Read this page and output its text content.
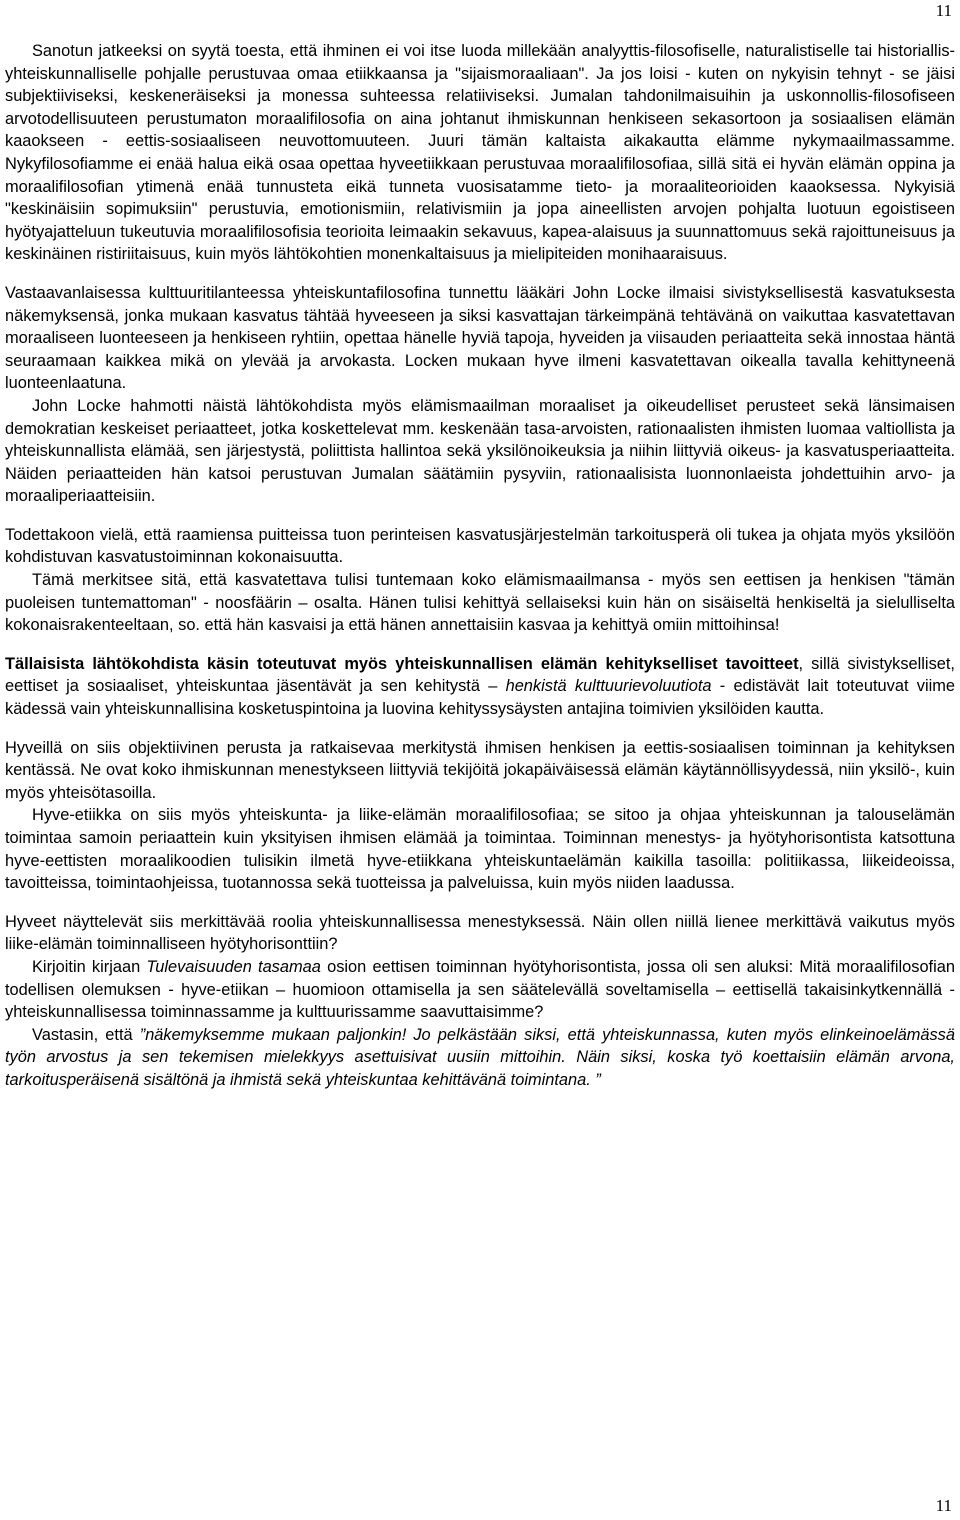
11

Sanotun jatkeeksi on syytä toesta, että ihminen ei voi itse luoda millekään analyyttis-filosofiselle, naturalistiselle tai historiallis-yhteiskunnalliselle pohjalle perustuvaa omaa etiikkaansa ja "sijaismoraaliaan". Ja jos loisi - kuten on nykyisin tehnyt - se jäisi subjektiiviseksi, keskeneräiseksi ja monessa suhteessa relatiiviseksi. Jumalan tahdonilmaisuihin ja uskonnollis-filosofiseen arvotodellisuuteen perustumaton moraalifilosofia on aina johtanut ihmiskunnan henkiseen sekasortoon ja sosiaalisen elämän kaaokseen - eettis-sosiaaliseen neuvottomuuteen. Juuri tämän kaltaista aikakautta elämme nykymaailmassamme. Nykyfilosofiamme ei enää halua eikä osaa opettaa hyveetiikkaan perustuvaa moraalifilosofiaa, sillä sitä ei hyvän elämän oppina ja moraalifilosofian ytimenä enää tunnusteta eikä tunneta vuosisatamme tieto- ja moraaliteorioiden kaaoksessa. Nykyisiä "keskinäisiin sopimuksiin" perustuvia, emotionismiin, relativismiin ja jopa aineellisten arvojen pohjalta luotuun egoistiseen hyötyajatteluun tukeutuvia moraalifilosofisia teorioita leimaakin sekavuus, kapea-alaisuus ja suunnattomuus sekä rajoittuneisuus ja keskinäinen ristiriitaisuus, kuin myös lähtökohtien monenkaltaisuus ja mielipiteiden monihaaraisuus.

Vastaavanlaisessa kulttuuritilanteessa yhteiskuntafilosofina tunnettu lääkäri John Locke ilmaisi sivistyksellisestä kasvatuksesta näkemyksensä, jonka mukaan kasvatus tähtää hyveeseen ja siksi kasvattajan tärkeimpänä tehtävänä on vaikuttaa kasvatettavan moraaliseen luonteeseen ja henkiseen ryhtiin, opettaa hänelle hyviä tapoja, hyveiden ja viisauden periaatteita sekä innostaa häntä seuraamaan kaikkea mikä on ylevää ja arvokasta. Locken mukaan hyve ilmeni kasvatettavan oikealla tavalla kehittyneenä luonteenlaatuna.

John Locke hahmotti näistä lähtökohdista myös elämismaailman moraaliset ja oikeudelliset perusteet sekä länsimaisen demokratian keskeiset periaatteet, jotka koskettelevat mm. keskenään tasa-arvoisten, rationaalisten ihmisten luomaa valtiollista ja yhteiskunnallista elämää, sen järjestystä, poliittista hallintoa sekä yksilönoikeuksia ja niihin liittyviä oikeus- ja kasvatusperiaatteita. Näiden periaatteiden hän katsoi perustuvan Jumalan säätämiin pysyviin, rationaalisista luonnonlaeista johdettuihin arvo- ja moraaliperiaatteisiin.

Todettakoon vielä, että raamiensa puitteissa tuon perinteisen kasvatusjärjestelmän tarkoitusperä oli tukea ja ohjata myös yksilöön kohdistuvan kasvatustoiminnan kokonaisuutta.

Tämä merkitsee sitä, että kasvatettava tulisi tuntemaan koko elämismaailmansa - myös sen eettisen ja henkisen "tämän puoleisen tuntemattoman" - noosfäärin – osalta. Hänen tulisi kehittyä sellaiseksi kuin hän on sisäiseltä henkiseltä ja sielulliselta kokonaisrakenteeltaan, so. että hän kasvaisi ja että hänen annettaisiin kasvaa ja kehittyä omiin mittoihinsa!

Tällaisista lähtökohdista käsin toteutuvat myös yhteiskunnallisen elämän kehitykselliset tavoitteet, sillä sivistykselliset, eettiset ja sosiaaliset, yhteiskuntaa jäsentävät ja sen kehitystä – henkistä kulttuurievoluutiota - edistävät lait toteutuvat viime kädessä vain yhteiskunnallisina kosketuspintoina ja luovina kehityssysäysten antajina toimivien yksilöiden kautta.

Hyveillä on siis objektiivinen perusta ja ratkaisevaa merkitystä ihmisen henkisen ja eettis-sosiaalisen toiminnan ja kehityksen kentässä. Ne ovat koko ihmiskunnan menestykseen liittyviä tekijöitä jokapäiväisessä elämän käytännöllisyydessä, niin yksilö-, kuin myös yhteisötasoilla.

Hyve-etiikka on siis myös yhteiskunta- ja liike-elämän moraalifilosofiaa; se sitoo ja ohjaa yhteiskunnan ja talouselämän toimintaa samoin periaattein kuin yksityisen ihmisen elämää ja toimintaa. Toiminnan menestys- ja hyötyhorisontista katsottuna hyve-eettisten moraalikoodien tulisikin ilmetä hyve-etiikkana yhteiskuntaelämän kaikilla tasoilla: politiikassa, liikeideoissa, tavoitteissa, toimintaohjeissa, tuotannossa sekä tuotteissa ja palveluissa, kuin myös niiden laadussa.

Hyveet näyttelevät siis merkittävää roolia yhteiskunnallisessa menestyksessä. Näin ollen niillä lienee merkittävä vaikutus myös liike-elämän toiminnalliseen hyötyhorisonttiin?

Kirjoitin kirjaan Tulevaisuuden tasamaa osion eettisen toiminnan hyötyhorisontista, jossa oli sen aluksi: Mitä moraalifilosofian todellisen olemuksen - hyve-etiikan – huomioon ottamisella ja sen säätelevällä soveltamisella – eettisellä takaisinkytkennällä - yhteiskunnallisessa toiminnassamme ja kulttuurissamme saavuttaisimme?

Vastasin, että ”näkemyksemme mukaan paljonkin! Jo pelkästään siksi, että yhteiskunnassa, kuten myös elinkeinoelämässä työn arvostus ja sen tekemisen mielekkyys asettuisivat uusiin mittoihin. Näin siksi, koska työ koettaisiin elämän arvona, tarkoitusperäisenä sisältönä ja ihmistä sekä yhteiskuntaa kehittävänä toimintana. ”

11
